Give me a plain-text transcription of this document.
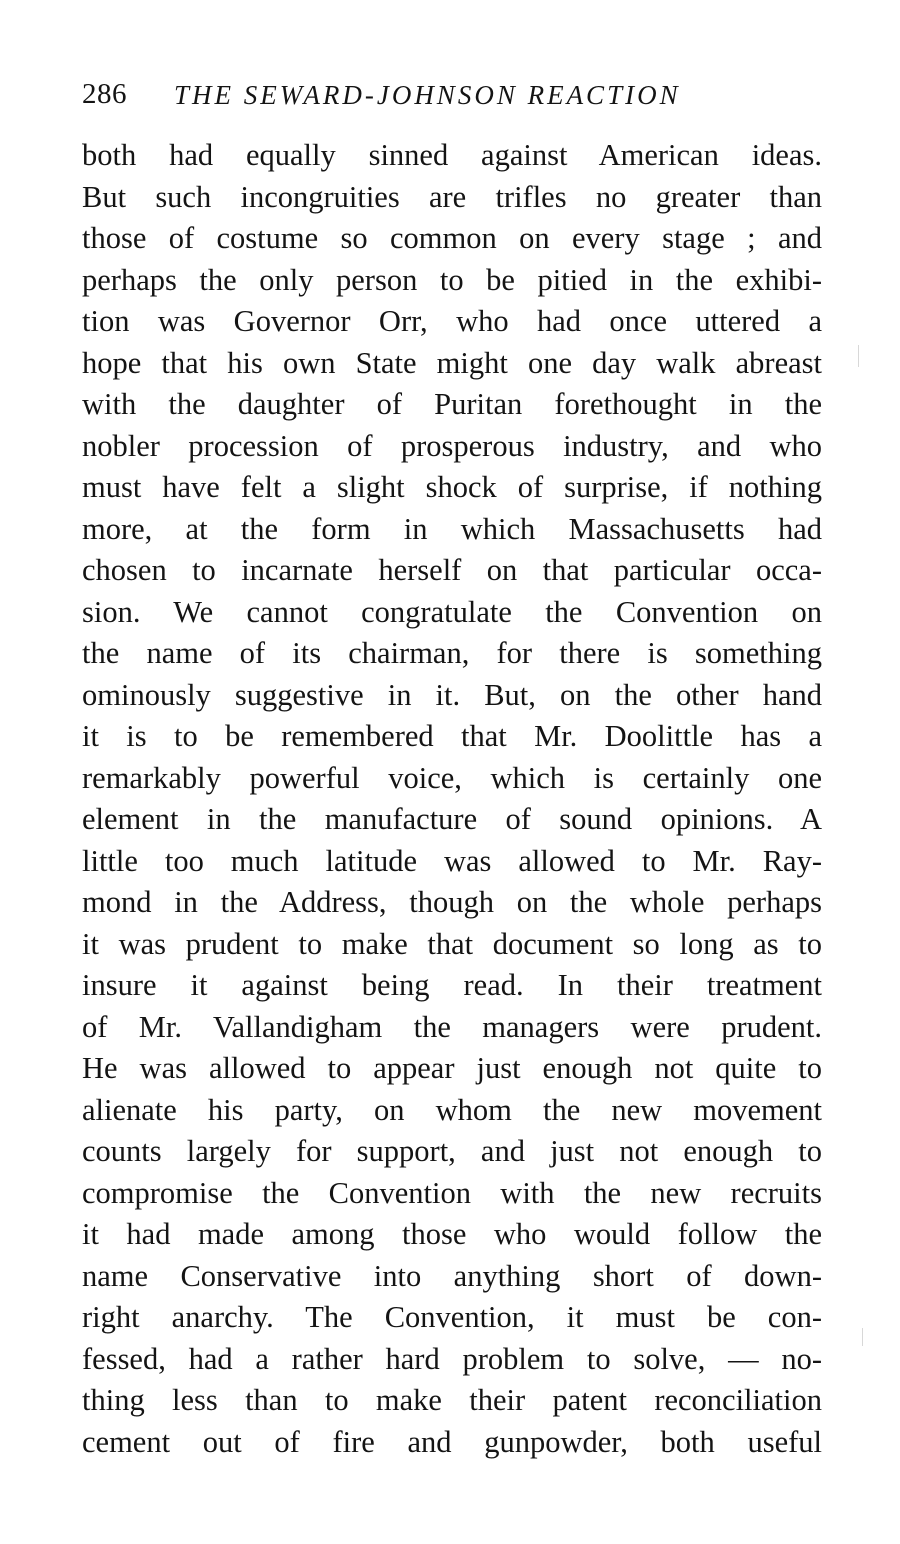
286 THE SEWARD-JOHNSON REACTION
both had equally sinned against American ideas.
But such incongruities are trifles no greater than
those of costume so common on every stage ; and
perhaps the only person to be pitied in the exhibi-
tion was Governor Orr, who had once uttered a
hope that his own State might one day walk abreast
with the daughter of Puritan forethought in the
nobler procession of prosperous industry, and who
must have felt a slight shock of surprise, if nothing
more, at the form in which Massachusetts had
chosen to incarnate herself on that particular occa-
sion. We cannot congratulate the Convention on
the name of its chairman, for there is something
ominously suggestive in it. But, on the other hand
it is to be remembered that Mr. Doolittle has a
remarkably powerful voice, which is certainly one
element in the manufacture of sound opinions. A
little too much latitude was allowed to Mr. Ray-
mond in the Address, though on the whole perhaps
it was prudent to make that document so long as to
insure it against being read. In their treatment
of Mr. Vallandigham the managers were prudent.
He was allowed to appear just enough not quite to
alienate his party, on whom the new movement
counts largely for support, and just not enough to
compromise the Convention with the new recruits
it had made among those who would follow the
name Conservative into anything short of down-
right anarchy. The Convention, it must be con-
fessed, had a rather hard problem to solve, — no-
thing less than to make their patent reconciliation
cement out of fire and gunpowder, both useful
